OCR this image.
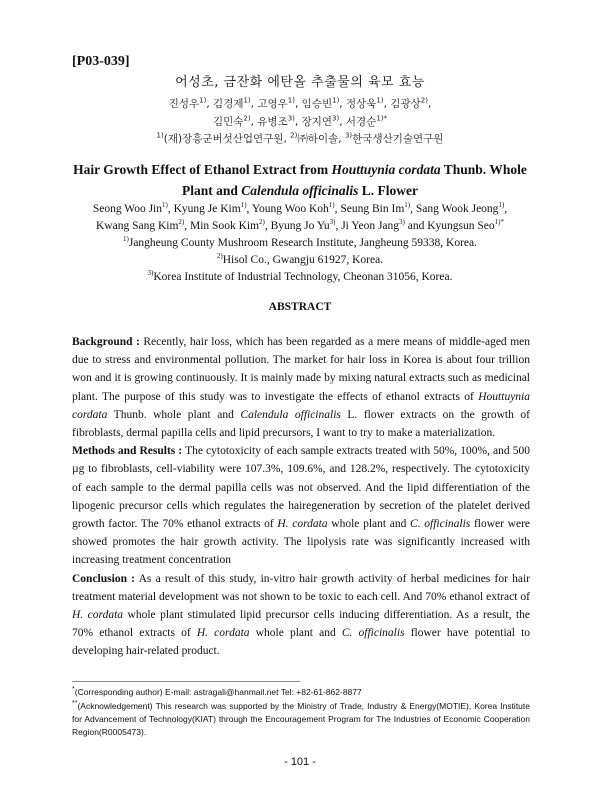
[P03-039]
어성초, 금잔화 에탄올 추출물의 육모 효능
진성우$^{1)}$, 김경제$^{1)}$, 고영우$^{1)}$, 임승빈$^{1)}$, 정상욱$^{1)}$, 김광상$^{2)}$,
김민숙$^{2)}$, 유병조$^{3)}$, 장지연$^{3)}$, 서경순$^{1)*}$
$^{1)}$(재)장흥군버섯산업연구원, $^{2)}$㈜하이솔, $^{3)}$한국생산기술연구원
Hair Growth Effect of Ethanol Extract from Houttuynia cordata Thunb. Whole Plant and Calendula officinalis L. Flower
Seong Woo Jin$^{1)}$, Kyung Je Kim$^{1)}$, Young Woo Koh$^{1)}$, Seung Bin Im$^{1)}$, Sang Wook Jeong$^{1)}$,
Kwang Sang Kim$^{2)}$, Min Sook Kim$^{2)}$, Byung Jo Yu$^{3)}$, Ji Yeon Jang$^{3)}$ and Kyungsun Seo$^{1)*}$
$^{1)}$Jangheung County Mushroom Research Institute, Jangheung 59338, Korea.
$^{2)}$Hisol Co., Gwangju 61927, Korea.
$^{3)}$Korea Institute of Industrial Technology, Cheonan 31056, Korea.
ABSTRACT

Background : Recently, hair loss, which has been regarded as a mere means of middle-aged men due to stress and environmental pollution. The market for hair loss in Korea is about four trillion won and it is growing continuously. It is mainly made by mixing natural extracts such as medicinal plant. The purpose of this study was to investigate the effects of ethanol extracts of Houttuynia cordata Thunb. whole plant and Calendula officinalis L. flower extracts on the growth of fibroblasts, dermal papilla cells and lipid precursors, I want to try to make a materialization.

Methods and Results : The cytotoxicity of each sample extracts treated with 50%, 100%, and 500 µg to fibroblasts, cell-viability were 107.3%, 109.6%, and 128.2%, respectively. The cytotoxicity of each sample to the dermal papilla cells was not observed. And the lipid differentiation of the lipogenic precursor cells which regulates the hairegeneration by secretion of the platelet derived growth factor. The 70% ethanol extracts of H. cordata whole plant and C. officinalis flower were showed promotes the hair growth activity. The lipolysis rate was significantly increased with increasing treatment concentration

Conclusion : As a result of this study, in-vitro hair growth activity of herbal medicines for hair treatment material development was not shown to be toxic to each cell. And 70% ethanol extract of H. cordata whole plant stimulated lipid precursor cells inducing differentiation. As a result, the 70% ethanol extracts of H. cordata whole plant and C. officinalis flower have potential to developing hair-related product.

*(Corresponding author) E-mail: astragali@hanmail.net Tel: +82-61-862-8877
**(Acknowledgement) This research was supported by the Ministry of Trade, Industry & Energy(MOTIE), Korea Institute for Advancement of Technology(KIAT) through the Encouragement Program for The Industries of Economic Cooperation Region(R0005473).
- 101 -
